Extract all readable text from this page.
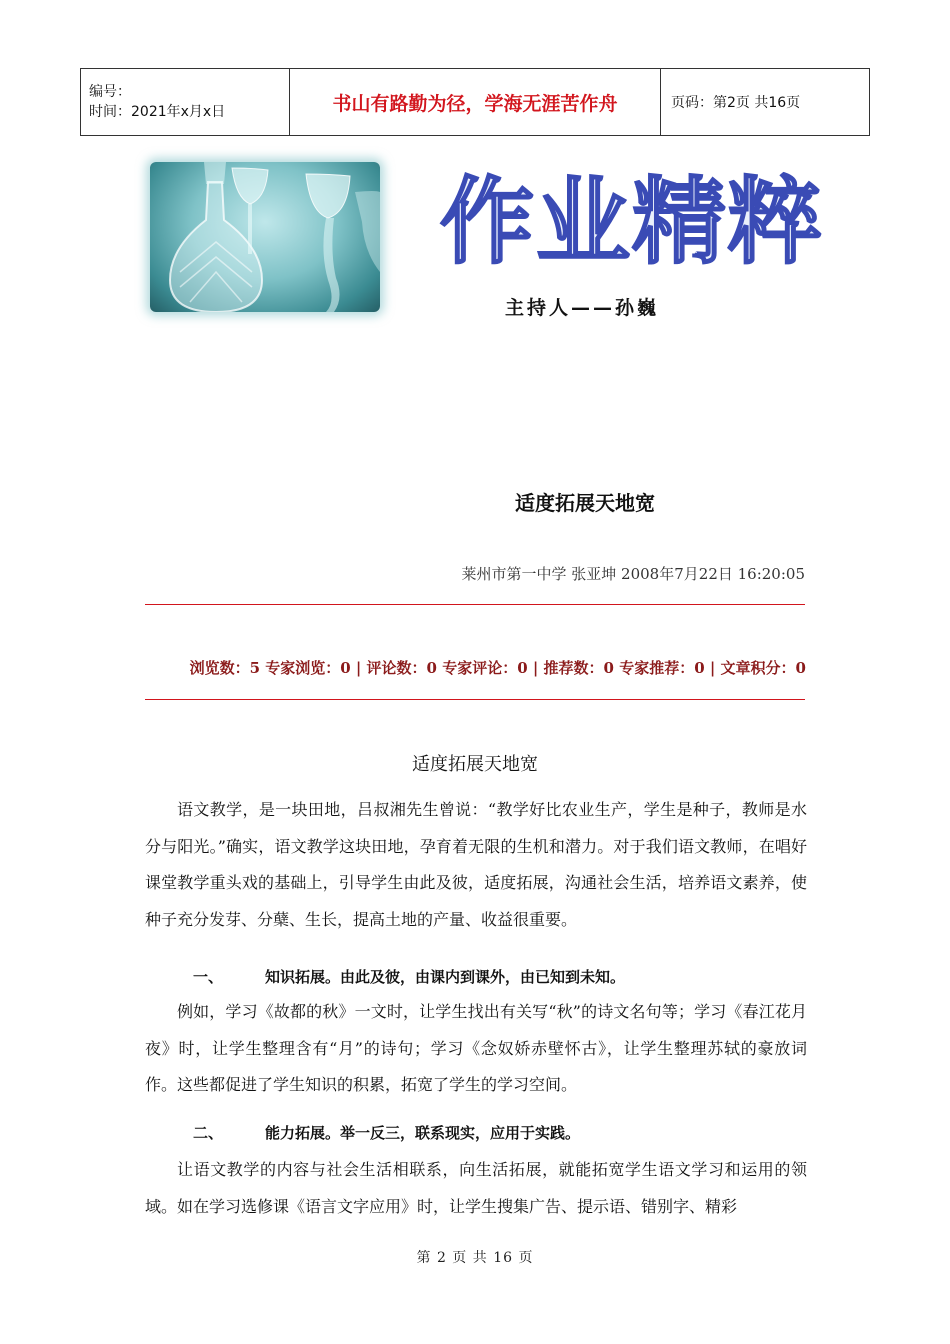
编号：
时间：2021年x月x日	书山有路勤为径，学海无涯苦作舟	页码：第2页 共16页
作业精粹
主持人——孙巍
适度拓展天地宽
莱州市第一中学 张亚坤 2008年7月22日 16:20:05
浏览数：5 专家浏览：0 | 评论数：0 专家评论：0 | 推荐数：0 专家推荐：0 | 文章积分：0
适度拓展天地宽
语文教学，是一块田地，吕叔湘先生曾说：“教学好比农业生产，学生是种子，教师是水分与阳光。”确实，语文教学这块田地，孕育着无限的生机和潜力。对于我们语文教师，在唱好课堂教学重头戏的基础上，引导学生由此及彼，适度拓展，沟通社会生活，培养语文素养，使种子充分发芽、分蘖、生长，提高土地的产量、收益很重要。
一、	知识拓展。由此及彼，由课内到课外，由已知到未知。
例如，学习《故都的秋》一文时，让学生找出有关写“秋”的诗文名句等；学习《春江花月夜》时，让学生整理含有“月”的诗句；学习《念奴娇赤壁怀古》，让学生整理苏轼的豪放词作。这些都促进了学生知识的积累，拓宽了学生的学习空间。
二、	能力拓展。举一反三，联系现实，应用于实践。
让语文教学的内容与社会生活相联系，向生活拓展，就能拓宽学生语文学习和运用的领域。如在学习选修课《语言文字应用》时，让学生搜集广告、提示语、错别字、精彩
第 2 页 共 16 页
